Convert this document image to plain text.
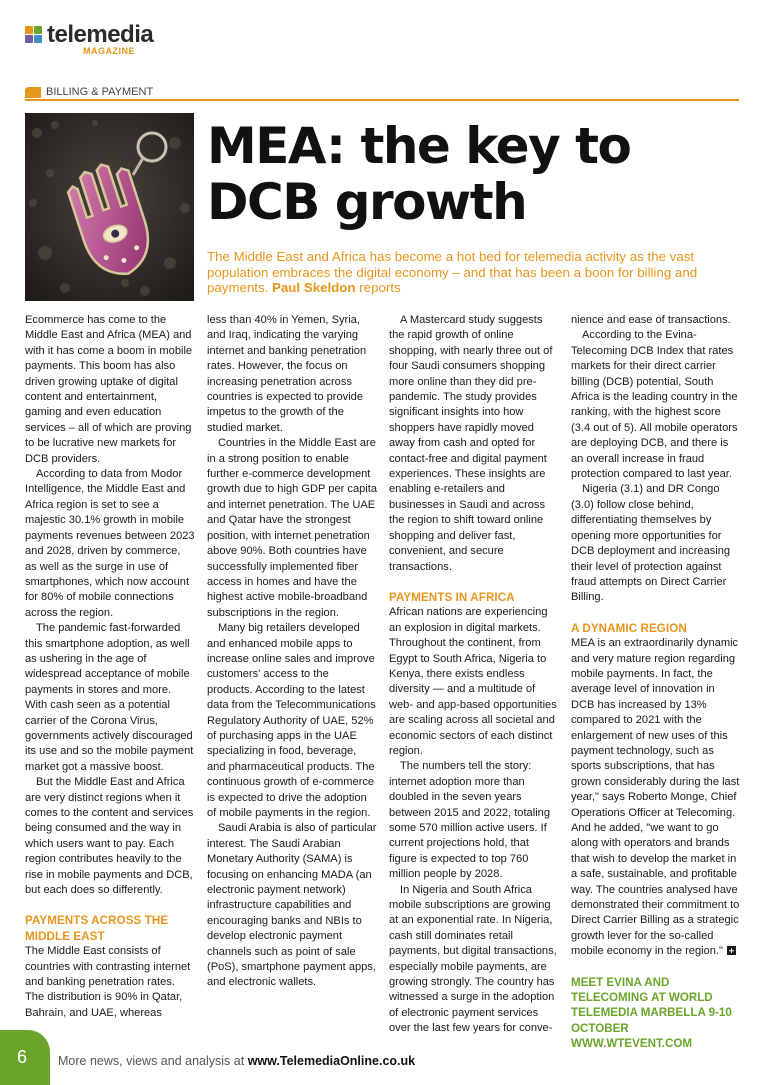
telemedia
MAGAZINE
BILLING & PAYMENT
MEA: the key to
DCB growth
The Middle East and Africa has become a hot bed for telemedia activity as the vast population embraces the digital economy – and that has been a boon for billing and payments. Paul Skeldon reports

Ecommerce has come to the Middle East and Africa (MEA) and with it has come a boom in mobile payments. This boom has also driven growing uptake of digital content and entertainment, gaming and even education services – all of which are proving to be lucrative new markets for DCB providers.

According to data from Modor Intelligence, the Middle East and Africa region is set to see a majestic 30.1% growth in mobile payments revenues between 2023 and 2028, driven by commerce, as well as the surge in use of smartphones, which now account for 80% of mobile connections across the region.

The pandemic fast-forwarded this smartphone adoption, as well as ushering in the age of widespread acceptance of mobile payments in stores and more. With cash seen as a potential carrier of the Corona Virus, governments actively discouraged its use and so the mobile payment market got a massive boost.

But the Middle East and Africa are very distinct regions when it comes to the content and services being consumed and the way in which users want to pay. Each region contributes heavily to the rise in mobile payments and DCB, but each does so differently.

PAYMENTS ACROSS THE MIDDLE EAST

The Middle East consists of countries with contrasting internet and banking penetration rates. The distribution is 90% in Qatar, Bahrain, and UAE, whereas

less than 40% in Yemen, Syria, and Iraq, indicating the varying internet and banking penetration rates. However, the focus on increasing penetration across countries is expected to provide impetus to the growth of the studied market.

Countries in the Middle East are in a strong position to enable further e-commerce development growth due to high GDP per capita and internet penetration. The UAE and Qatar have the strongest position, with internet penetration above 90%. Both countries have successfully implemented fiber access in homes and have the highest active mobile-broadband subscriptions in the region.

Many big retailers developed and enhanced mobile apps to increase online sales and improve customers' access to the products. According to the latest data from the Telecommunications Regulatory Authority of UAE, 52% of purchasing apps in the UAE specializing in food, beverage, and pharmaceutical products. The continuous growth of e-commerce is expected to drive the adoption of mobile payments in the region.

Saudi Arabia is also of particular interest. The Saudi Arabian Monetary Authority (SAMA) is focusing on enhancing MADA (an electronic payment network) infrastructure capabilities and encouraging banks and NBIs to develop electronic payment channels such as point of sale (PoS), smartphone payment apps, and electronic wallets.

A Mastercard study suggests the rapid growth of online shopping, with nearly three out of four Saudi consumers shopping more online than they did pre-pandemic. The study provides significant insights into how shoppers have rapidly moved away from cash and opted for contact-free and digital payment experiences. These insights are enabling e-retailers and businesses in Saudi and across the region to shift toward online shopping and deliver fast, convenient, and secure transactions.

PAYMENTS IN AFRICA

African nations are experiencing an explosion in digital markets. Throughout the continent, from Egypt to South Africa, Nigeria to Kenya, there exists endless diversity — and a multitude of web- and app-based opportunities are scaling across all societal and economic sectors of each distinct region.

The numbers tell the story: internet adoption more than doubled in the seven years between 2015 and 2022, totaling some 570 million active users. If current projections hold, that figure is expected to top 760 million people by 2028.

In Nigeria and South Africa mobile subscriptions are growing at an exponential rate. In Nigeria, cash still dominates retail payments, but digital transactions, especially mobile payments, are growing strongly. The country has witnessed a surge in the adoption of electronic payment services over the last few years for conve-

nience and ease of transactions.

According to the Evina-Telecoming DCB Index that rates markets for their direct carrier billing (DCB) potential, South Africa is the leading country in the ranking, with the highest score (3.4 out of 5). All mobile operators are deploying DCB, and there is an overall increase in fraud protection compared to last year.

Nigeria (3.1) and DR Congo (3.0) follow close behind, differentiating themselves by opening more opportunities for DCB deployment and increasing their level of protection against fraud attempts on Direct Carrier Billing.

A DYNAMIC REGION

MEA is an extraordinarily dynamic and very mature region regarding mobile payments. In fact, the average level of innovation in DCB has increased by 13% compared to 2021 with the enlargement of new uses of this payment technology, such as sports subscriptions, that has grown considerably during the last year," says Roberto Monge, Chief Operations Officer at Telecoming. And he added, "we want to go along with operators and brands that wish to develop the market in a safe, sustainable, and profitable way. The countries analysed have demonstrated their commitment to Direct Carrier Billing as a strategic growth lever for the so-called mobile economy in the region."

MEET EVINA AND TELECOMING AT WORLD TELEMEDIA MARBELLA 9-10 OCTOBER WWW.WTEVENT.COM
6	More news, views and analysis at www.TelemediaOnline.co.uk
